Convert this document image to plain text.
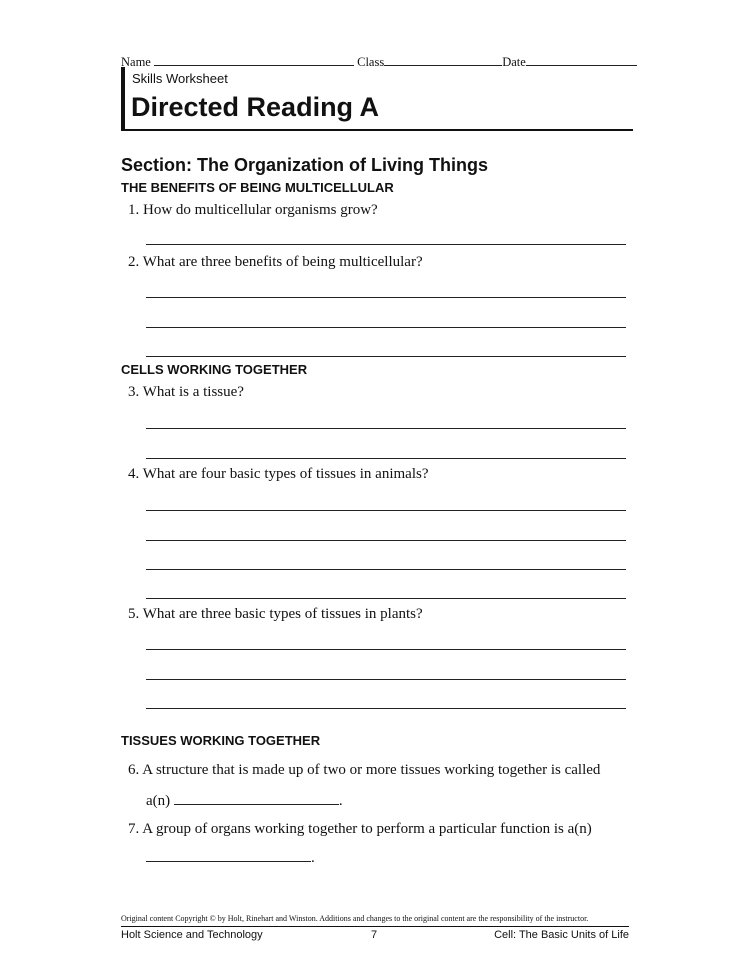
Name	Class	Date
Skills Worksheet
Directed Reading A
Section: The Organization of Living Things
THE BENEFITS OF BEING MULTICELLULAR
1. How do multicellular organisms grow?
2. What are three benefits of being multicellular?
CELLS WORKING TOGETHER
3. What is a tissue?
4. What are four basic types of tissues in animals?
5. What are three basic types of tissues in plants?
TISSUES WORKING TOGETHER
6. A structure that is made up of two or more tissues working together is called
a(n)	.
7. A group of organs working together to perform a particular function is a(n)
.
Original content Copyright © by Holt, Rinehart and Winston. Additions and changes to the original content are the responsibility of the instructor.
Holt Science and Technology	7	Cell: The Basic Units of Life
